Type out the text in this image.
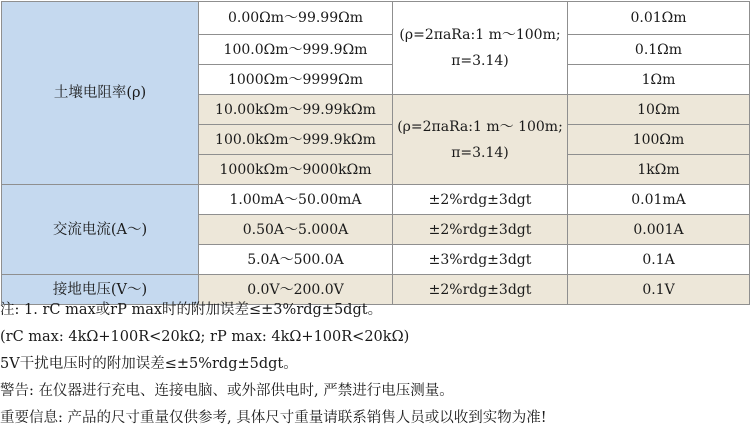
土壤电阻率(ρ)	0.00Ωm～99.99Ωm	(ρ=2πaRa:1 m～100m; π=3.14)	0.01Ωm
	100.0Ωm～999.9Ωm		0.1Ωm
	1000Ωm～9999Ωm		1Ωm
	10.00kΩm～99.99kΩm	(ρ=2πaRa:1 m～ 100m; π=3.14)	10Ωm
	100.0kΩm～999.9kΩm		100Ωm
	1000kΩm～9000kΩm		1kΩm
交流电流(A～)	1.00mA～50.00mA	±2%rdg±3dgt	0.01mA
	0.50A～5.000A	±2%rdg±3dgt	0.001A
	5.0A～500.0A	±3%rdg±3dgt	0.1A
接地电压(V～)	0.0V～200.0V	±2%rdg±3dgt	0.1V
注: 1. rC max或rP max时的附加误差≤±3%rdg±5dgt。
(rC max: 4kΩ+100R<20kΩ; rP max: 4kΩ+100R<20kΩ)
5V干扰电压时的附加误差≤±5%rdg±5dgt。
警告: 在仪器进行充电、连接电脑、或外部供电时, 严禁进行电压测量。
重要信息: 产品的尺寸重量仅供参考, 具体尺寸重量请联系销售人员或以收到实物为准!
